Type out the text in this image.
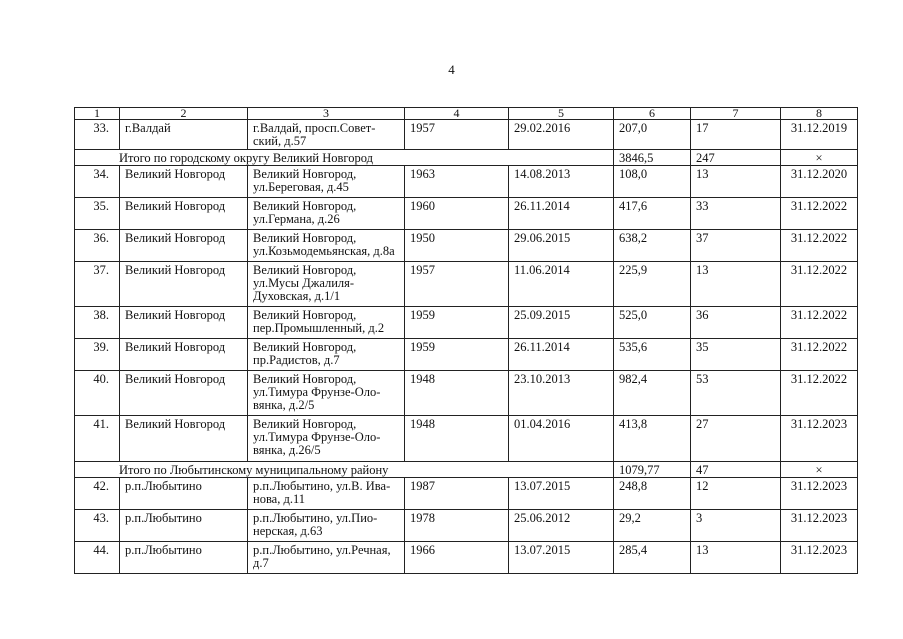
4
1	2	3	4	5	6	7	8
33.	г.Валдай	г.Валдай, просп.Совет-
ский, д.57	1957	29.02.2016	207,0	17	31.12.2019
Итого по городскому округу Великий Новгород					3846,5	247	×
34.	Великий Новгород	Великий Новгород,
ул.Береговая, д.45	1963	14.08.2013	108,0	13	31.12.2020
35.	Великий Новгород	Великий Новгород,
ул.Германа, д.26	1960	26.11.2014	417,6	33	31.12.2022
36.	Великий Новгород	Великий Новгород,
ул.Козьмодемьянская, д.8а	1950	29.06.2015	638,2	37	31.12.2022
37.	Великий Новгород	Великий Новгород,
ул.Мусы Джалиля-
Духовская, д.1/1	1957	11.06.2014	225,9	13	31.12.2022
38.	Великий Новгород	Великий Новгород,
пер.Промышленный, д.2	1959	25.09.2015	525,0	36	31.12.2022
39.	Великий Новгород	Великий Новгород,
пр.Радистов, д.7	1959	26.11.2014	535,6	35	31.12.2022
40.	Великий Новгород	Великий Новгород,
ул.Тимура Фрунзе-Оло-
вянка, д.2/5	1948	23.10.2013	982,4	53	31.12.2022
41.	Великий Новгород	Великий Новгород,
ул.Тимура Фрунзе-Оло-
вянка, д.26/5	1948	01.04.2016	413,8	27	31.12.2023
Итого по Любытинскому муниципальному району					1079,77	47	×
42.	р.п.Любытино	р.п.Любытино, ул.В. Ива-
нова, д.11	1987	13.07.2015	248,8	12	31.12.2023
43.	р.п.Любытино	р.п.Любытино, ул.Пио-
нерская, д.63	1978	25.06.2012	29,2	3	31.12.2023
44.	р.п.Любытино	р.п.Любытино, ул.Речная,
д.7	1966	13.07.2015	285,4	13	31.12.2023
